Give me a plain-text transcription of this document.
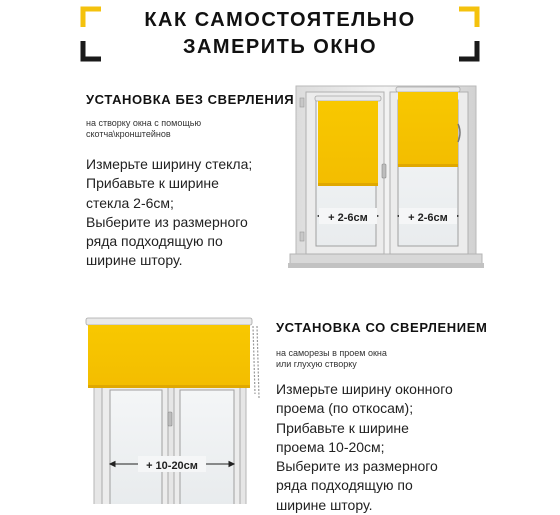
КАК САМОСТОЯТЕЛЬНО
ЗАМЕРИТЬ ОКНО
УСТАНОВКА БЕЗ СВЕРЛЕНИЯ

на створку окна с помощью

скотча\кронштейнов

Измерьте ширину стекла;
Прибавьте к ширине
стекла 2-6см;
Выберите из размерного
ряда подходящую по
ширине штору.
+ 2-6см	+ 2-6см
УСТАНОВКА СО СВЕРЛЕНИЕМ

на саморезы в проем окна

или глухую створку

Измерьте ширину оконного
проема (по откосам);
Прибавьте к ширине
проема 10-20см;
Выберите из размерного
ряда подходящую по
ширине штору.
+ 10-20см
